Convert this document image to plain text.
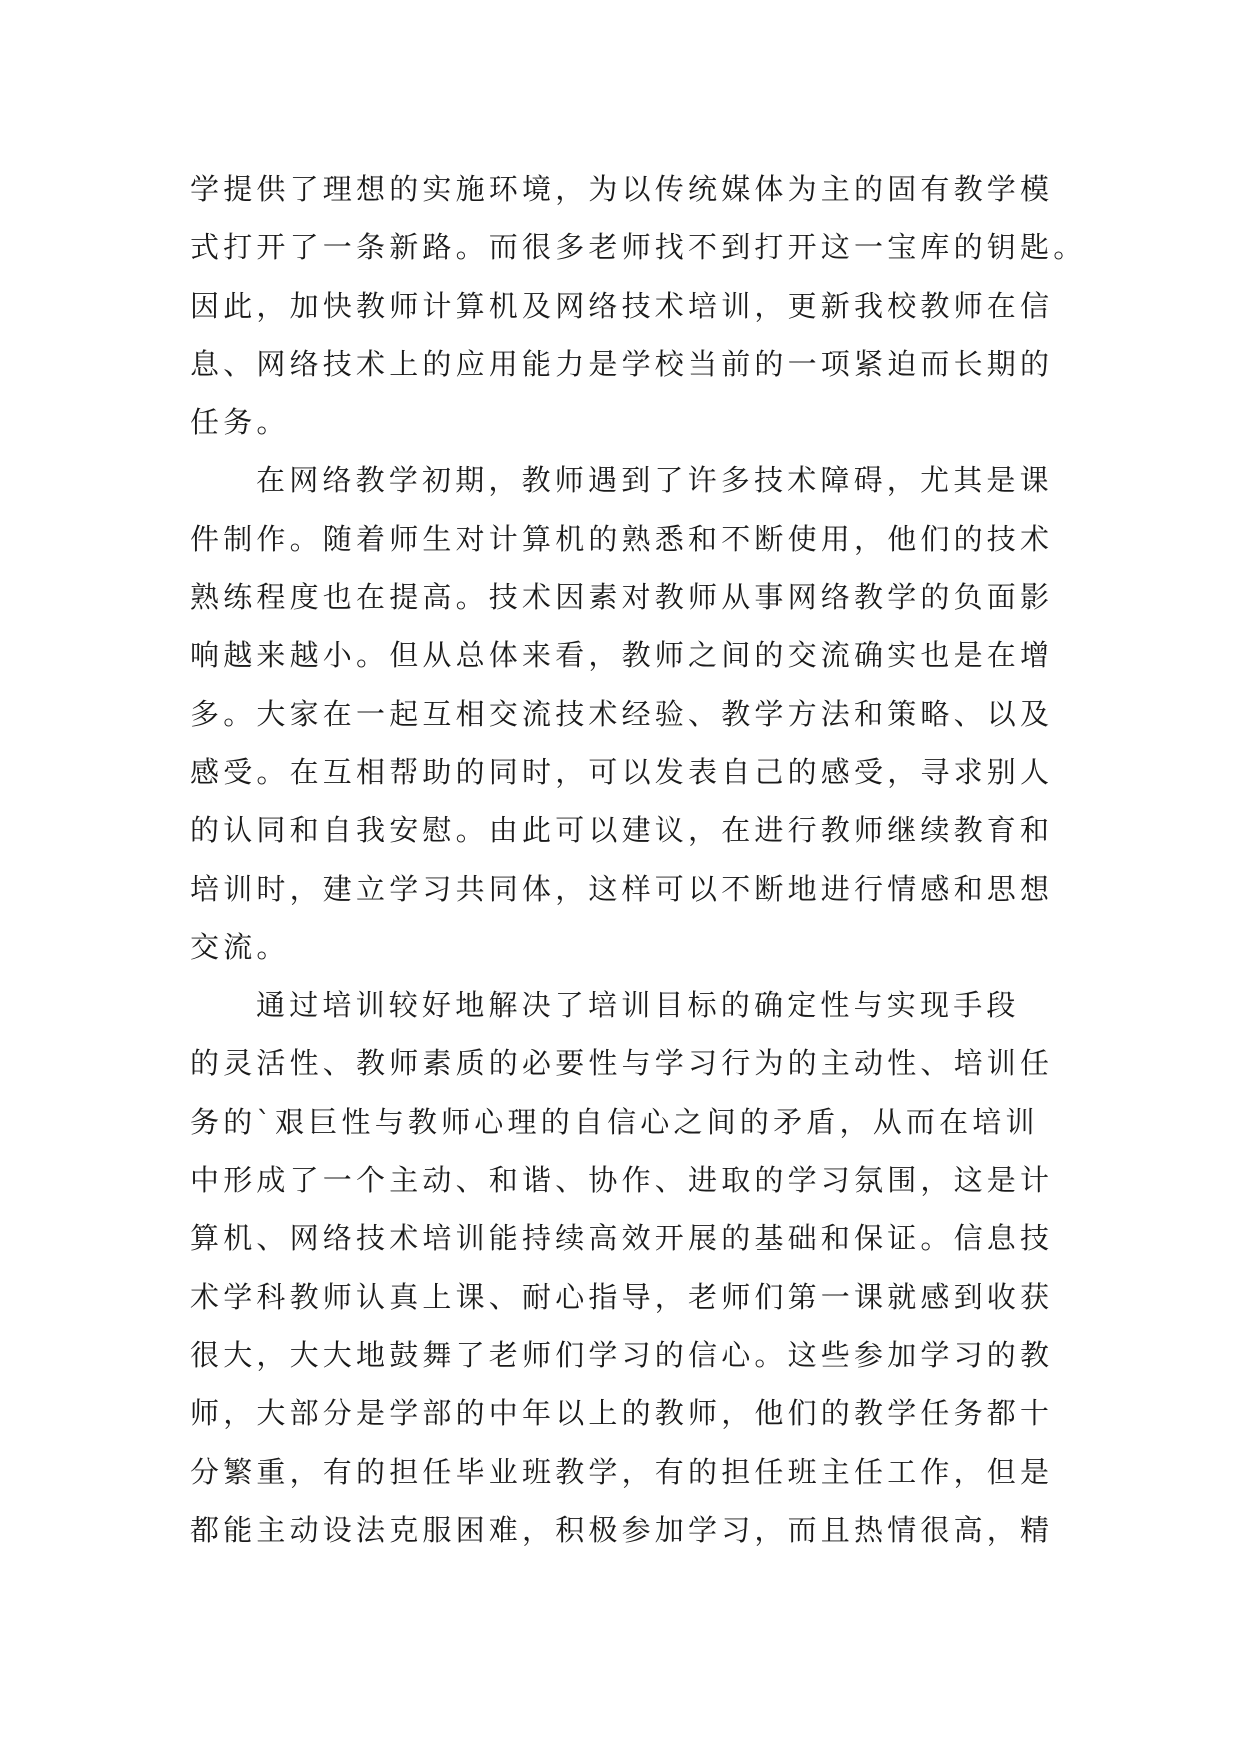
学提供了理想的实施环境，为以传统媒体为主的固有教学模
式打开了一条新路。而很多老师找不到打开这一宝库的钥匙。
因此，加快教师计算机及网络技术培训，更新我校教师在信
息、网络技术上的应用能力是学校当前的一项紧迫而长期的
任务。
在网络教学初期，教师遇到了许多技术障碍，尤其是课
件制作。随着师生对计算机的熟悉和不断使用，他们的技术
熟练程度也在提高。技术因素对教师从事网络教学的负面影
响越来越小。但从总体来看，教师之间的交流确实也是在增
多。大家在一起互相交流技术经验、教学方法和策略、以及
感受。在互相帮助的同时，可以发表自己的感受，寻求别人
的认同和自我安慰。由此可以建议，在进行教师继续教育和
培训时，建立学习共同体，这样可以不断地进行情感和思想
交流。
通过培训较好地解决了培训目标的确定性与实现手段
的灵活性、教师素质的必要性与学习行为的主动性、培训任
务的`艰巨性与教师心理的自信心之间的矛盾，从而在培训
中形成了一个主动、和谐、协作、进取的学习氛围，这是计
算机、网络技术培训能持续高效开展的基础和保证。信息技
术学科教师认真上课、耐心指导，老师们第一课就感到收获
很大，大大地鼓舞了老师们学习的信心。这些参加学习的教
师，大部分是学部的中年以上的教师，他们的教学任务都十
分繁重，有的担任毕业班教学，有的担任班主任工作，但是
都能主动设法克服困难，积极参加学习，而且热情很高，精
